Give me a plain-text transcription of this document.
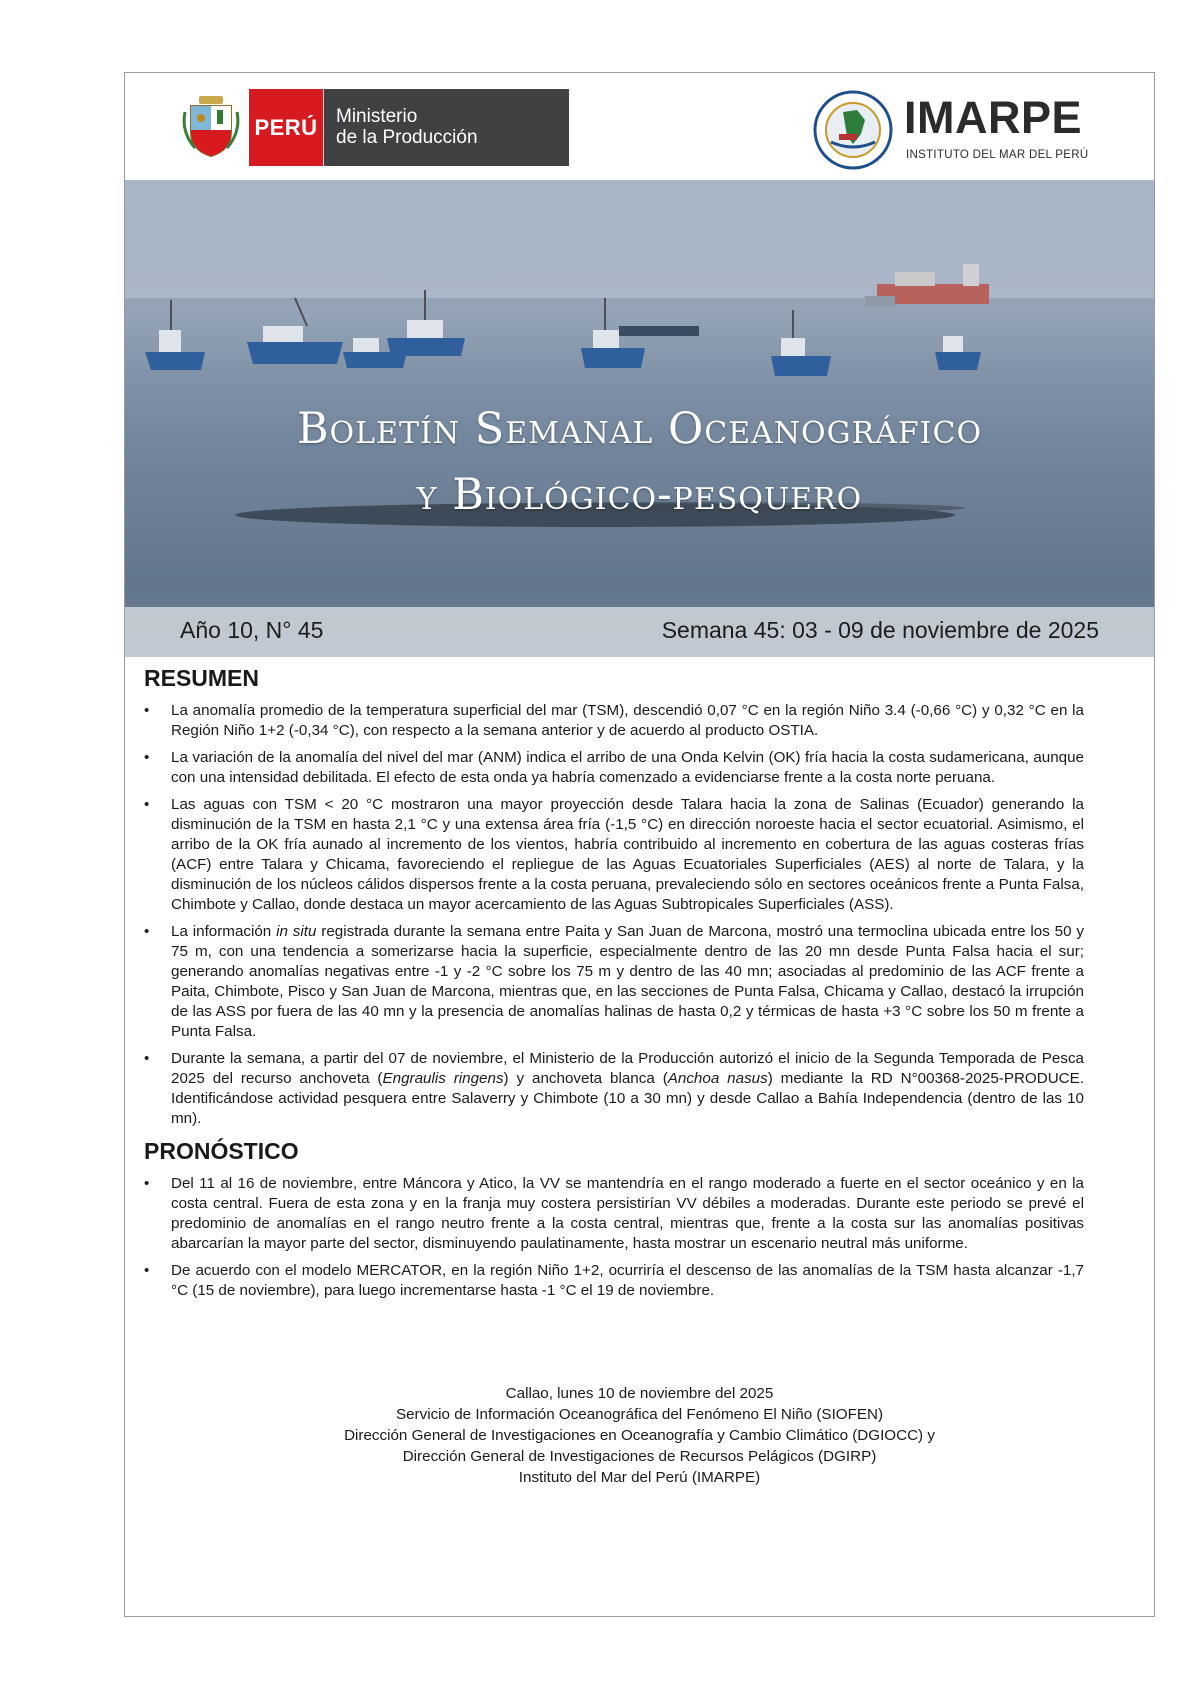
PERÚ Ministerio
de la Producción	IMARPE
INSTITUTO DEL MAR DEL PERÚ
Boletín Semanal Oceanográfico
y Biológico-pesquero
Año 10, N° 45	Semana 45: 03 - 09 de noviembre de 2025
RESUMEN
• La anomalía promedio de la temperatura superficial del mar (TSM), descendió 0,07 °C en la región Niño 3.4 (-0,66 °C) y 0,32 °C en la Región Niño 1+2 (-0,34 °C), con respecto a la semana anterior y de acuerdo al producto OSTIA.
• La variación de la anomalía del nivel del mar (ANM) indica el arribo de una Onda Kelvin (OK) fría hacia la costa sudamericana, aunque con una intensidad debilitada. El efecto de esta onda ya habría comenzado a evidenciarse frente a la costa norte peruana.
• Las aguas con TSM < 20 °C mostraron una mayor proyección desde Talara hacia la zona de Salinas (Ecuador) generando la disminución de la TSM en hasta 2,1 °C y una extensa área fría (-1,5 °C) en dirección noroeste hacia el sector ecuatorial. Asimismo, el arribo de la OK fría aunado al incremento de los vientos, habría contribuido al incremento en cobertura de las aguas costeras frías (ACF) entre Talara y Chicama, favoreciendo el repliegue de las Aguas Ecuatoriales Superficiales (AES) al norte de Talara, y la disminución de los núcleos cálidos dispersos frente a la costa peruana, prevaleciendo sólo en sectores oceánicos frente a Punta Falsa, Chimbote y Callao, donde destaca un mayor acercamiento de las Aguas Subtropicales Superficiales (ASS).
• La información in situ registrada durante la semana entre Paita y San Juan de Marcona, mostró una termoclina ubicada entre los 50 y 75 m, con una tendencia a somerizarse hacia la superficie, especialmente dentro de las 20 mn desde Punta Falsa hacia el sur; generando anomalías negativas entre -1 y -2 °C sobre los 75 m y dentro de las 40 mn; asociadas al predominio de las ACF frente a Paita, Chimbote, Pisco y San Juan de Marcona, mientras que, en las secciones de Punta Falsa, Chicama y Callao, destacó la irrupción de las ASS por fuera de las 40 mn y la presencia de anomalías halinas de hasta 0,2 y térmicas de hasta +3 °C sobre los 50 m frente a Punta Falsa.
• Durante la semana, a partir del 07 de noviembre, el Ministerio de la Producción autorizó el inicio de la Segunda Temporada de Pesca 2025 del recurso anchoveta (Engraulis ringens) y anchoveta blanca (Anchoa nasus) mediante la RD N°00368-2025-PRODUCE. Identificándose actividad pesquera entre Salaverry y Chimbote (10 a 30 mn) y desde Callao a Bahía Independencia (dentro de las 10 mn).
PRONÓSTICO
• Del 11 al 16 de noviembre, entre Máncora y Atico, la VV se mantendría en el rango moderado a fuerte en el sector oceánico y en la costa central. Fuera de esta zona y en la franja muy costera persistirían VV débiles a moderadas. Durante este periodo se prevé el predominio de anomalías en el rango neutro frente a la costa central, mientras que, frente a la costa sur las anomalías positivas abarcarían la mayor parte del sector, disminuyendo paulatinamente, hasta mostrar un escenario neutral más uniforme.
• De acuerdo con el modelo MERCATOR, en la región Niño 1+2, ocurriría el descenso de las anomalías de la TSM hasta alcanzar -1,7 °C (15 de noviembre), para luego incrementarse hasta -1 °C el 19 de noviembre.
Callao, lunes 10 de noviembre del 2025
Servicio de Información Oceanográfica del Fenómeno El Niño (SIOFEN)
Dirección General de Investigaciones en Oceanografía y Cambio Climático (DGIOCC) y
Dirección General de Investigaciones de Recursos Pelágicos (DGIRP)
Instituto del Mar del Perú (IMARPE)
